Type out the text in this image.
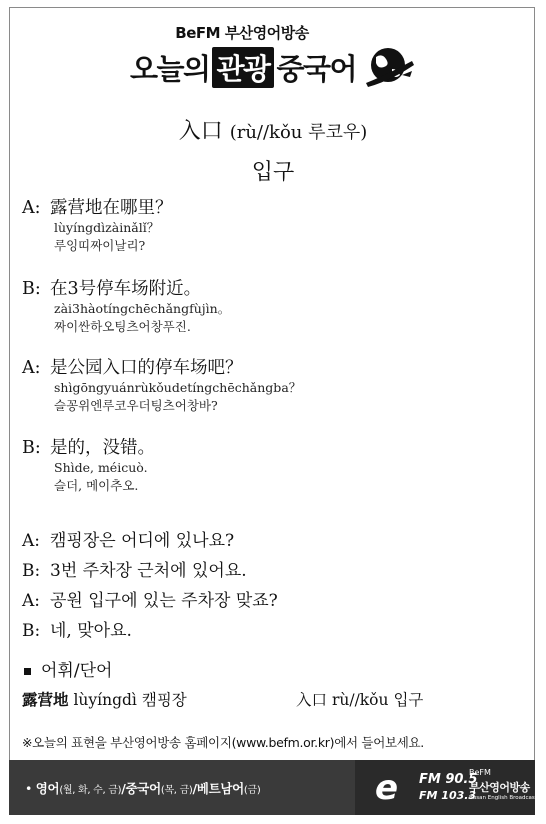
BeFM 부산영어방송
오늘의 관광 중국어
入口 (rù//kǒu 루코우)
입구
A: 露营地在哪里？
lùyíngdìzàinǎlǐ？
루잉띠짜이날리?
B: 在3号停车场附近。
zài3hàotíngchēchǎngfùjìn。
짜이싼하오팅츠어창푸진.
A: 是公园入口的停车场吧？
shìgōngyuánrùkǒudetíngchēchǎngba？
슬꽁위엔루코우더팅츠어창바?
B: 是的，没错。
Shìde, méicuò.
슬더, 메이추오.
A: 캠핑장은 어디에 있나요?
B: 3번 주차장 근처에 있어요.
A: 공원 입구에 있는 주차장 맞죠?
B: 네, 맞아요.
어휘/단어
露营地 lùyíngdì 캠핑장	入口 rù//kǒu 입구
※오늘의 표현을 부산영어방송 홈페이지(www.befm.or.kr)에서 들어보세요.
• 영어(월, 화, 수, 금)/중국어(목, 금)/베트남어(금)	e FM 90.5
FM 103.3
BeFM
부산영어방송
Busan English Broadcasting
